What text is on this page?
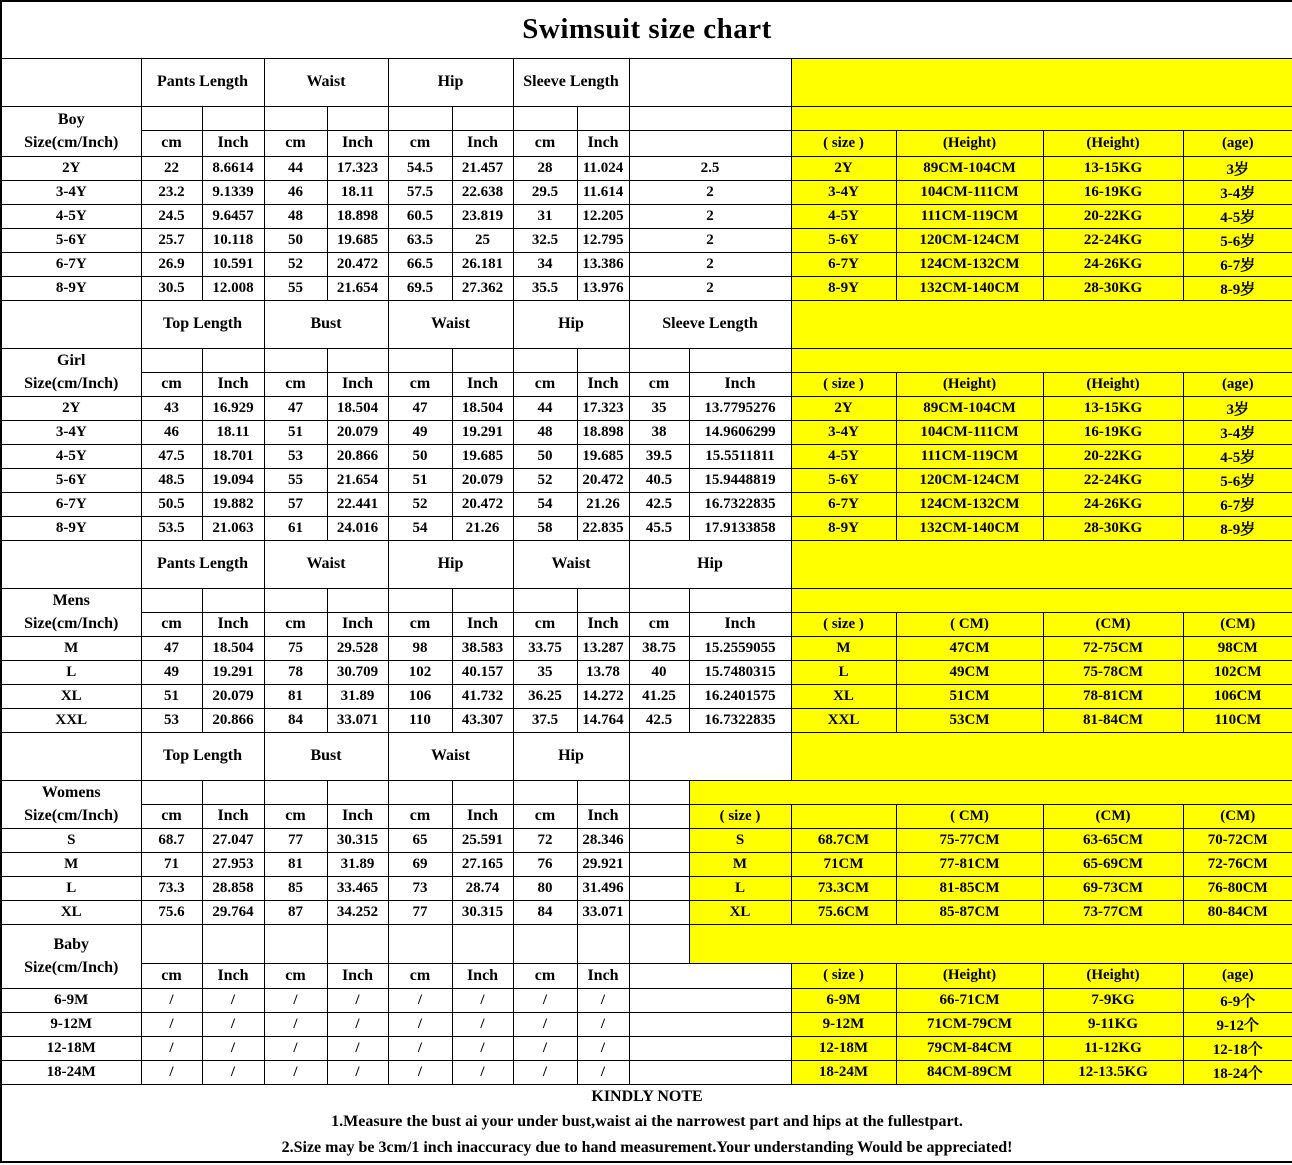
Swimsuit size chart														
	Pants Length		Waist		Hip		Sleeve Length							

Boy
Size(cm/Inch)														

	cm	Inch	cm	Inch	cm	Inch	cm	Inch			( size )	(Height)	(Height)	(age)
2Y	22	8.6614	44	17.323	54.5	21.457	28	11.024	2.5		2Y	89CM-104CM	13-15KG	3岁
3-4Y	23.2	9.1339	46	18.11	57.5	22.638	29.5	11.614	2		3-4Y	104CM-111CM	16-19KG	3-4岁
4-5Y	24.5	9.6457	48	18.898	60.5	23.819	31	12.205	2		4-5Y	111CM-119CM	20-22KG	4-5岁
5-6Y	25.7	10.118	50	19.685	63.5	25	32.5	12.795	2		5-6Y	120CM-124CM	22-24KG	5-6岁
6-7Y	26.9	10.591	52	20.472	66.5	26.181	34	13.386	2		6-7Y	124CM-132CM	24-26KG	6-7岁
8-9Y	30.5	12.008	55	21.654	69.5	27.362	35.5	13.976	2		8-9Y	132CM-140CM	28-30KG	8-9岁
	Top Length		Bust		Waist		Hip		Sleeve Length					

Girl
Size(cm/Inch)														

	cm	Inch	cm	Inch	cm	Inch	cm	Inch	cm	Inch	( size )	(Height)	(Height)	(age)
2Y	43	16.929	47	18.504	47	18.504	44	17.323	35	13.7795276	2Y	89CM-104CM	13-15KG	3岁
3-4Y	46	18.11	51	20.079	49	19.291	48	18.898	38	14.9606299	3-4Y	104CM-111CM	16-19KG	3-4岁
4-5Y	47.5	18.701	53	20.866	50	19.685	50	19.685	39.5	15.5511811	4-5Y	111CM-119CM	20-22KG	4-5岁
5-6Y	48.5	19.094	55	21.654	51	20.079	52	20.472	40.5	15.9448819	5-6Y	120CM-124CM	22-24KG	5-6岁
6-7Y	50.5	19.882	57	22.441	52	20.472	54	21.26	42.5	16.7322835	6-7Y	124CM-132CM	24-26KG	6-7岁
8-9Y	53.5	21.063	61	24.016	54	21.26	58	22.835	45.5	17.9133858	8-9Y	132CM-140CM	28-30KG	8-9岁
	Pants Length		Waist		Hip		Waist		Hip					

Mens
Size(cm/Inch)														

	cm	Inch	cm	Inch	cm	Inch	cm	Inch	cm	Inch	( size )	( CM)	(CM)	(CM)
M	47	18.504	75	29.528	98	38.583	33.75	13.287	38.75	15.2559055	M	47CM	72-75CM	98CM
L	49	19.291	78	30.709	102	40.157	35	13.78	40	15.7480315	L	49CM	75-78CM	102CM
XL	51	20.079	81	31.89	106	41.732	36.25	14.272	41.25	16.2401575	XL	51CM	78-81CM	106CM
XXL	53	20.866	84	33.071	110	43.307	37.5	14.764	42.5	16.7322835	XXL	53CM	81-84CM	110CM
	Top Length		Bust		Waist		Hip							

Womens
Size(cm/Inch)														

	cm	Inch	cm	Inch	cm	Inch	cm	Inch		( size )		( CM)	(CM)	(CM)
S	68.7	27.047	77	30.315	65	25.591	72	28.346		S	68.7CM	75-77CM	63-65CM	70-72CM
M	71	27.953	81	31.89	69	27.165	76	29.921		M	71CM	77-81CM	65-69CM	72-76CM
L	73.3	28.858	85	33.465	73	28.74	80	31.496		L	73.3CM	81-85CM	69-73CM	76-80CM
XL	75.6	29.764	87	34.252	77	30.315	84	33.071		XL	75.6CM	85-87CM	73-77CM	80-84CM

Baby
Size(cm/Inch)														

	cm	Inch	cm	Inch	cm	Inch	cm	Inch			( size )	(Height)	(Height)	(age)
6-9M	/	/	/	/	/	/	/	/			6-9M	66-71CM	7-9KG	6-9个
9-12M	/	/	/	/	/	/	/	/			9-12M	71CM-79CM	9-11KG	9-12个
12-18M	/	/	/	/	/	/	/	/			12-18M	79CM-84CM	11-12KG	12-18个
18-24M	/	/	/	/	/	/	/	/			18-24M	84CM-89CM	12-13.5KG	18-24个

KINDLY NOTE
1.Measure the bust ai your under bust,waist ai the narrowest part and hips at the fullestpart.
2.Size may be 3cm/1 inch inaccuracy due to hand measurement.Your understanding Would be appreciated!														
